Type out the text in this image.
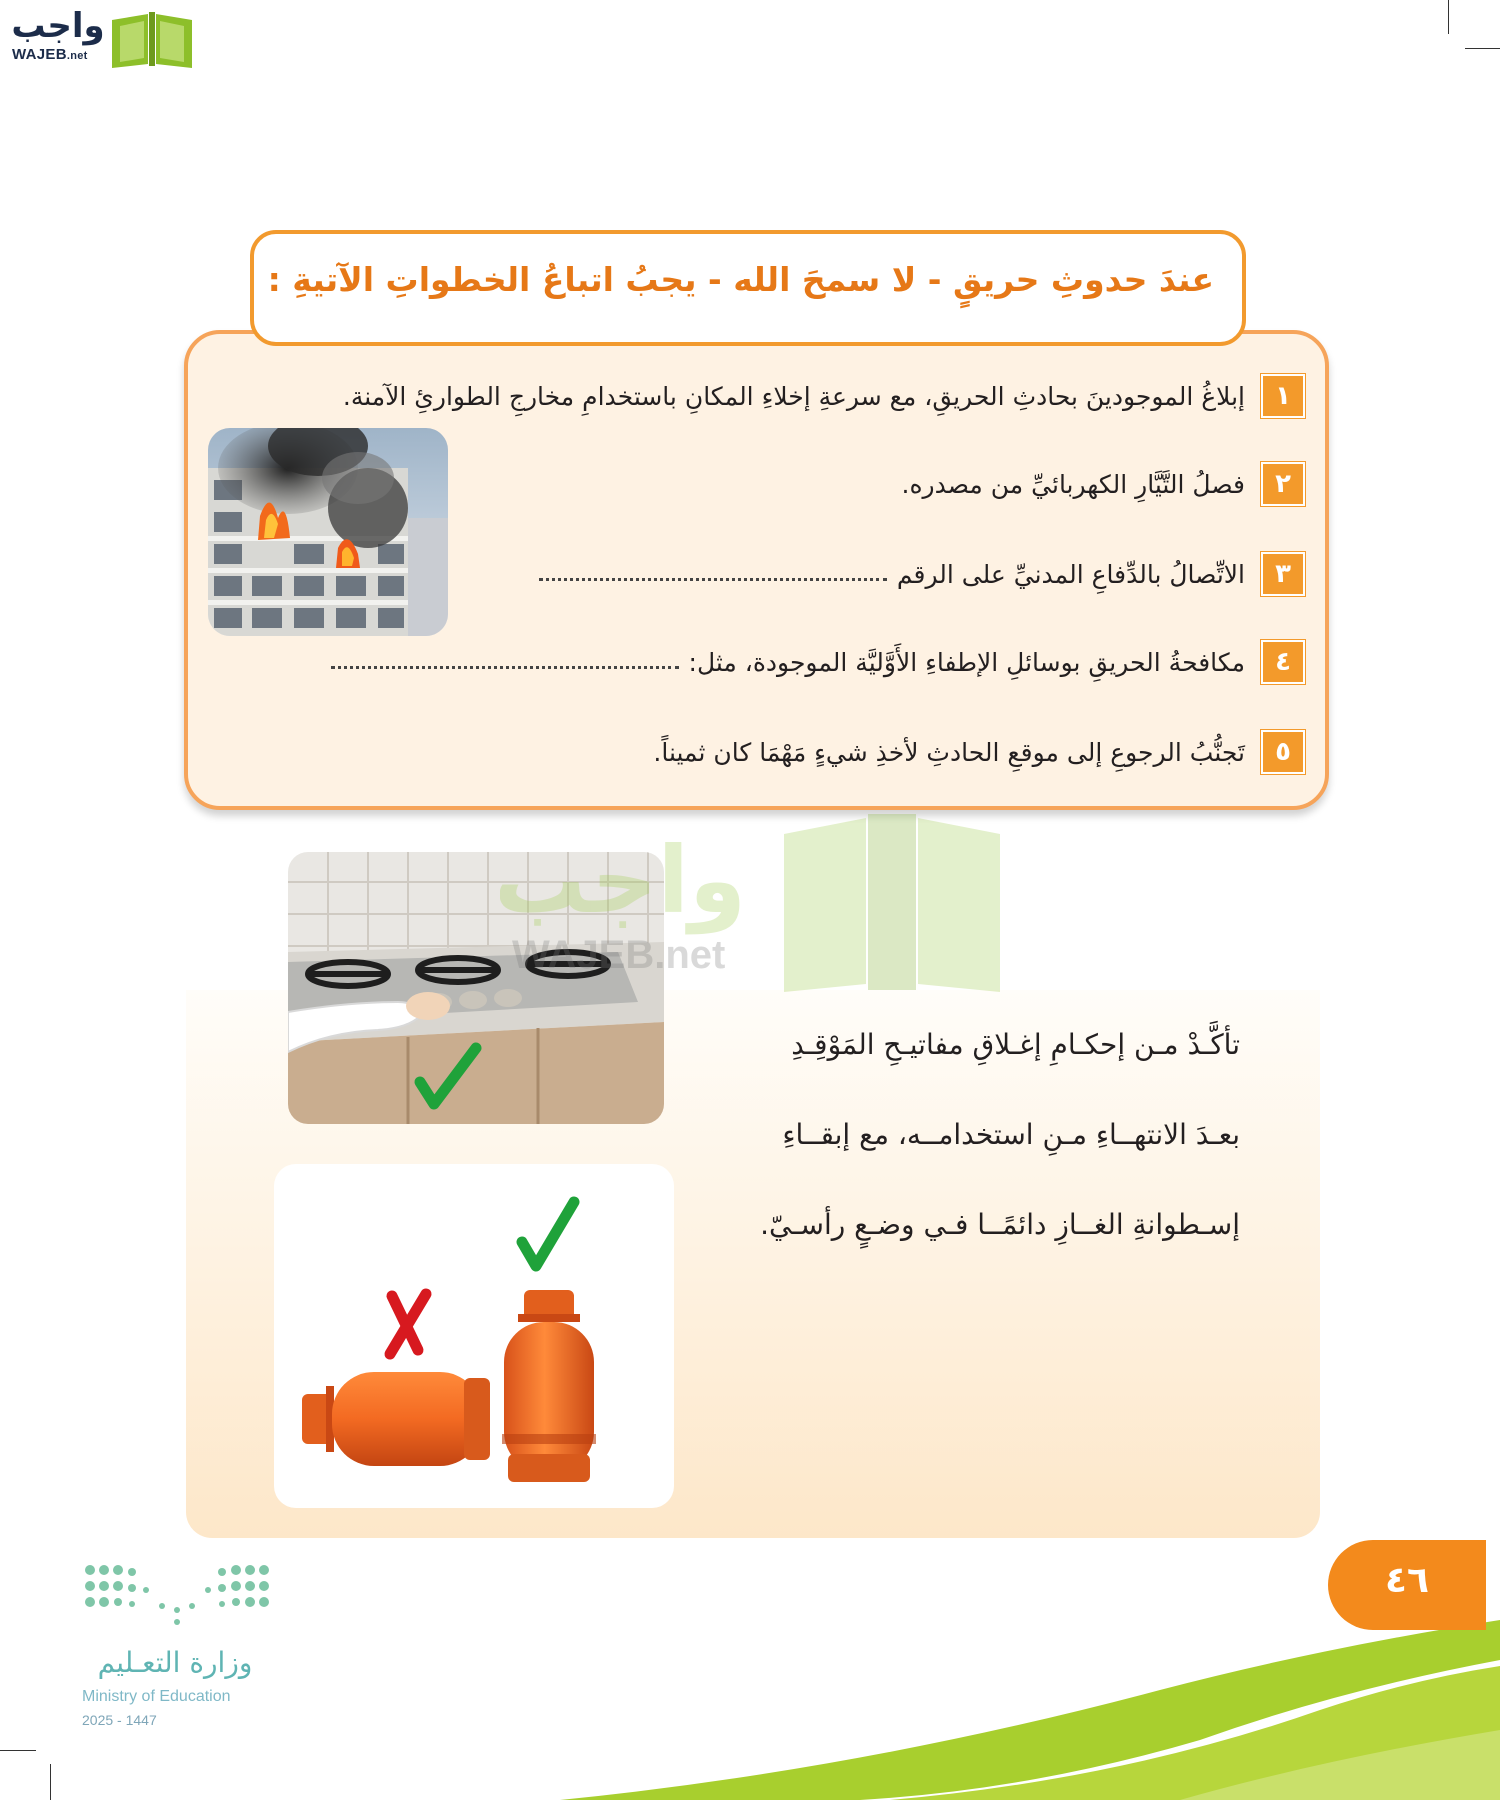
واجب
WAJEB.net
عندَ حدوثِ حريقٍ - لا سمحَ الله - يجبُ اتباعُ الخطواتِ الآتيةِ :
١
إبلاغُ الموجودينَ بحادثِ الحريقِ، مع سرعةِ إخلاءِ المكانِ باستخدامِ مخارجِ الطوارئِ الآمنة.
٢
فصلُ التَّيَّارِ الكهربائيِّ من مصدره.
٣
الاتِّصالُ بالدِّفاعِ المدنيِّ على الرقم
٤
مكافحةُ الحريقِ بوسائلِ الإطفاءِ الأَوَّليَّة الموجودة، مثل:
٥
تَجنُّبُ الرجوعِ إلى موقعِ الحادثِ لأخذِ شيءٍ مَهْمَا كان ثميناً.
تأكَّـدْ مـن إحكـامِ إغـلاقِ مفاتيـحِ المَوْقِـدِ
بعـدَ الانتهــاءِ مـنِ استخدامــه، مع إبقــاءِ
إسـطوانةِ الغــازِ دائمًــا فـي وضـعٍ رأسـيّ.
واجب
WAJEB.net
٤٦
وزارة التعـليم
Ministry of Education
2025 - 1447
